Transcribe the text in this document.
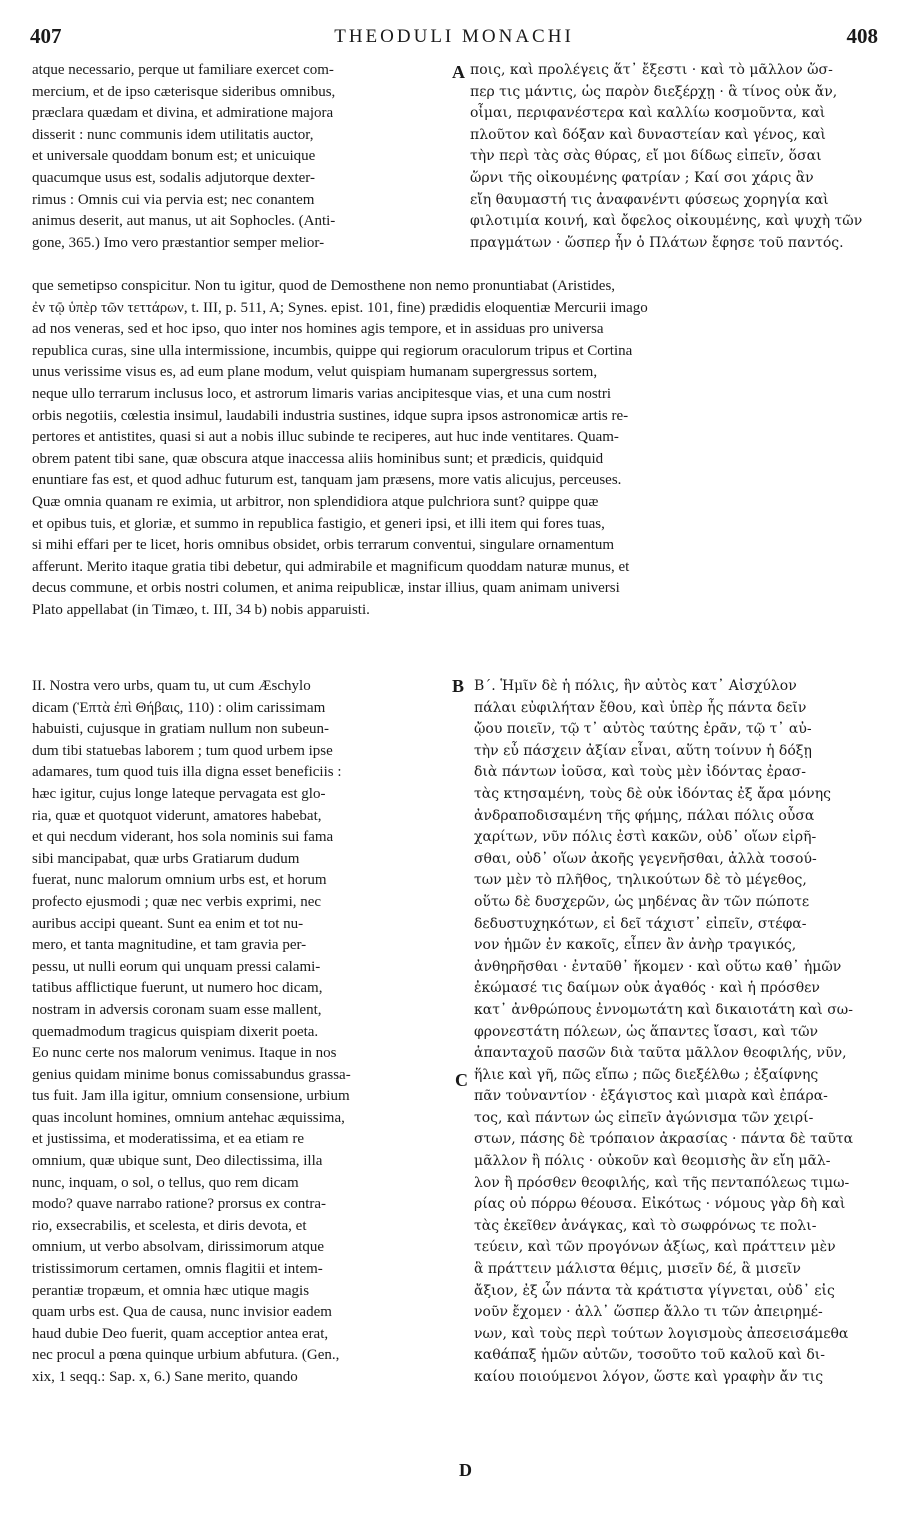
407	THEODULI MONACHI	408
A
B
C
D
atque necessario, perque ut familiare exercet com-
mercium, et de ipso cæterisque sideribus omnibus,
præclara quædam et divina, et admiratione majora
disserit : nunc communis idem utilitatis auctor,
et universale quoddam bonum est; et unicuique
quacumque usus est, sodalis adjutorque dexter-
rimus : Omnis cui via pervia est; nec conantem
animus deserit, aut manus, ut ait Sophocles. (Anti-
gone, 365.) Imo vero præstantior semper melior-
ποις, καὶ προλέγεις ἅτ᾽ ἔξεστι · καὶ τὸ μᾶλλον ὥσ-
περ τις μάντις, ὡς παρὸν διεξέρχῃ · ἃ τίνος οὐκ ἄν,
οἶμαι, περιφανέστερα καὶ καλλίω κοσμοῦντα, καὶ
πλοῦτον καὶ δόξαν καὶ δυναστείαν καὶ γένος, καὶ
τὴν περὶ τὰς σὰς θύρας, εἴ μοι δίδως εἰπεῖν, ὅσαι
ὥρνι τῆς οἰκουμένης φατρίαν ; Καί σοι χάρις ἂν
εἴη θαυμαστή τις ἀναφανέντι φύσεως χορηγία καὶ
φιλοτιμία κοινή, καὶ ὄφελος οἰκουμένης, καὶ ψυχὴ τῶν
πραγμάτων · ὥσπερ ἦν ὁ Πλάτων ἔφησε τοῦ παντός.
que semetipso conspicitur. Non tu igitur, quod de Demosthene non nemo pronuntiabat (Aristides,
ἐν τῷ ὑπὲρ τῶν τεττάρων, t. III, p. 511, A; Synes. epist. 101, fine) prædidis eloquentiæ Mercurii imago
ad nos veneras, sed et hoc ipso, quo inter nos homines agis tempore, et in assiduas pro universa
republica curas, sine ulla intermissione, incumbis, quippe qui regiorum oraculorum tripus et Cortina
unus verissime visus es, ad eum plane modum, velut quispiam humanam supergressus sortem,
neque ullo terrarum inclusus loco, et astrorum limaris varias ancipitesque vias, et una cum nostri
orbis negotiis, cœlestia insimul, laudabili industria sustines, idque supra ipsos astronomicæ artis re-
pertores et antistites, quasi si aut a nobis illuc subinde te reciperes, aut huc inde ventitares. Quam-
obrem patent tibi sane, quæ obscura atque inaccessa aliis hominibus sunt; et prædicis, quidquid
enuntiare fas est, et quod adhuc futurum est, tanquam jam præsens, more vatis alicujus, perceuses.
Quæ omnia quanam re eximia, ut arbitror, non splendidiora atque pulchriora sunt? quippe quæ
et opibus tuis, et gloriæ, et summo in republica fastigio, et generi ipsi, et illi item qui fores tuas,
si mihi effari per te licet, horis omnibus obsidet, orbis terrarum conventui, singulare ornamentum
afferunt. Merito itaque gratia tibi debetur, qui admirabile et magnificum quoddam naturæ munus, et
decus commune, et orbis nostri columen, et anima reipublicæ, instar illius, quam animam universi
Plato appellabat (in Timæo, t. III, 34 b) nobis apparuisti.
II. Nostra vero urbs, quam tu, ut cum Æschylo
dicam (Ἑπτὰ ἐπὶ Θήβαις, 110) : olim carissimam
habuisti, cujusque in gratiam nullum non subeun-
dum tibi statuebas laborem ; tum quod urbem ipse
adamares, tum quod tuis illa digna esset beneficiis :
hæc igitur, cujus longe lateque pervagata est glo-
ria, quæ et quotquot viderunt, amatores habebat,
et qui necdum viderant, hos sola nominis sui fama
sibi mancipabat, quæ urbs Gratiarum dudum
fuerat, nunc malorum omnium urbs est, et horum
profecto ejusmodi ; quæ nec verbis exprimi, nec
auribus accipi queant. Sunt ea enim et tot nu-
mero, et tanta magnitudine, et tam gravia per-
pessu, ut nulli eorum qui unquam pressi calami-
tatibus afflictique fuerunt, ut numero hoc dicam,
nostram in adversis coronam suam esse mallent,
quemadmodum tragicus quispiam dixerit poeta.
Eo nunc certe nos malorum venimus. Itaque in nos
genius quidam minime bonus comissabundus grassa-
tus fuit. Jam illa igitur, omnium consensione, urbium
quas incolunt homines, omnium antehac æquissima,
et justissima, et moderatissima, et ea etiam re
omnium, quæ ubique sunt, Deo dilectissima, illa
nunc, inquam, o sol, o tellus, quo rem dicam
modo? quave narrabo ratione? prorsus ex contra-
rio, exsecrabilis, et scelesta, et diris devota, et
omnium, ut verbo absolvam, dirissimorum atque
tristissimorum certamen, omnis flagitii et intem-
perantiæ tropæum, et omnia hæc utique magis
quam urbs est. Qua de causa, nunc invisior eadem
haud dubie Deo fuerit, quam acceptior antea erat,
nec procul a pœna quinque urbium abfutura. (Gen.,
xix, 1 seqq.: Sap. x, 6.) Sane merito, quando
Β΄. Ἡμῖν δὲ ἡ πόλις, ἣν αὐτὸς κατ᾽ Αἰσχύλον
πάλαι εὐφιλήταν ἔθου, καὶ ὑπὲρ ἧς πάντα δεῖν
ᾤου ποιεῖν, τῷ τ᾽ αὐτὸς ταύτης ἐρᾶν, τῷ τ᾽ αὐ-
τὴν εὖ πάσχειν ἀξίαν εἶναι, αὕτη τοίνυν ἡ δόξῃ
διὰ πάντων ἰοῦσα, καὶ τοὺς μὲν ἰδόντας ἐρασ-
τὰς κτησαμένη, τοὺς δὲ οὐκ ἰδόντας ἐξ ἄρα μόνης
ἀνδραποδισαμένη τῆς φήμης, πάλαι πόλις οὖσα
χαρίτων, νῦν πόλις ἐστὶ κακῶν, οὐδ᾽ οἵων εἰρῆ-
σθαι, οὐδ᾽ οἵων ἀκοῆς γεγενῆσθαι, ἀλλὰ τοσού-
των μὲν τὸ πλῆθος, τηλικούτων δὲ τὸ μέγεθος,
οὕτω δὲ δυσχερῶν, ὡς μηδένας ἂν τῶν πώποτε
δεδυστυχηκότων, εἰ δεῖ τάχιστ᾽ εἰπεῖν, στέφα-
νον ἡμῶν ἐν κακοῖς, εἶπεν ἂν ἀνὴρ τραγικός,
ἀνθηρῆσθαι · ἐνταῦθ᾽ ἥκομεν · καὶ οὕτω καθ᾽ ἡμῶν
ἐκώμασέ τις δαίμων οὐκ ἀγαθός · καὶ ἡ πρόσθεν
κατ᾽ ἀνθρώπους ἐννομωτάτη καὶ δικαιοτάτη καὶ σω-
φρονεστάτη πόλεων, ὡς ἅπαντες ἴσασι, καὶ τῶν
ἁπανταχοῦ πασῶν διὰ ταῦτα μᾶλλον θεοφιλής, νῦν,
ἥλιε καὶ γῆ, πῶς εἴπω ; πῶς διεξέλθω ; ἐξαίφνης
πᾶν τοὐναντίον · ἐξάγιστος καὶ μιαρὰ καὶ ἐπάρα-
τος, καὶ πάντων ὡς εἰπεῖν ἀγώνισμα τῶν χειρί-
στων, πάσης δὲ τρόπαιον ἀκρασίας · πάντα δὲ ταῦτα
μᾶλλον ἢ πόλις · οὐκοῦν καὶ θεομισὴς ἂν εἴη μᾶλ-
λον ἢ πρόσθεν θεοφιλής, καὶ τῆς πενταπόλεως τιμω-
ρίας οὐ πόρρω θέουσα. Εἰκότως · νόμους γὰρ δὴ καὶ
τὰς ἐκεῖθεν ἀνάγκας, καὶ τὸ σωφρόνως τε πολι-
τεύειν, καὶ τῶν προγόνων ἀξίως, καὶ πράττειν μὲν
ἃ πράττειν μάλιστα θέμις, μισεῖν δέ, ἃ μισεῖν
ἄξιον, ἐξ ὧν πάντα τὰ κράτιστα γίγνεται, οὐδ᾽ εἰς
νοῦν ἔχομεν · ἀλλ᾽ ὥσπερ ἄλλο τι τῶν ἀπειρημέ-
νων, καὶ τοὺς περὶ τούτων λογισμοὺς ἀπεσεισάμεθα
καθάπαξ ἡμῶν αὐτῶν, τοσοῦτο τοῦ καλοῦ καὶ δι-
καίου ποιούμενοι λόγον, ὥστε καὶ γραφὴν ἄν τις
